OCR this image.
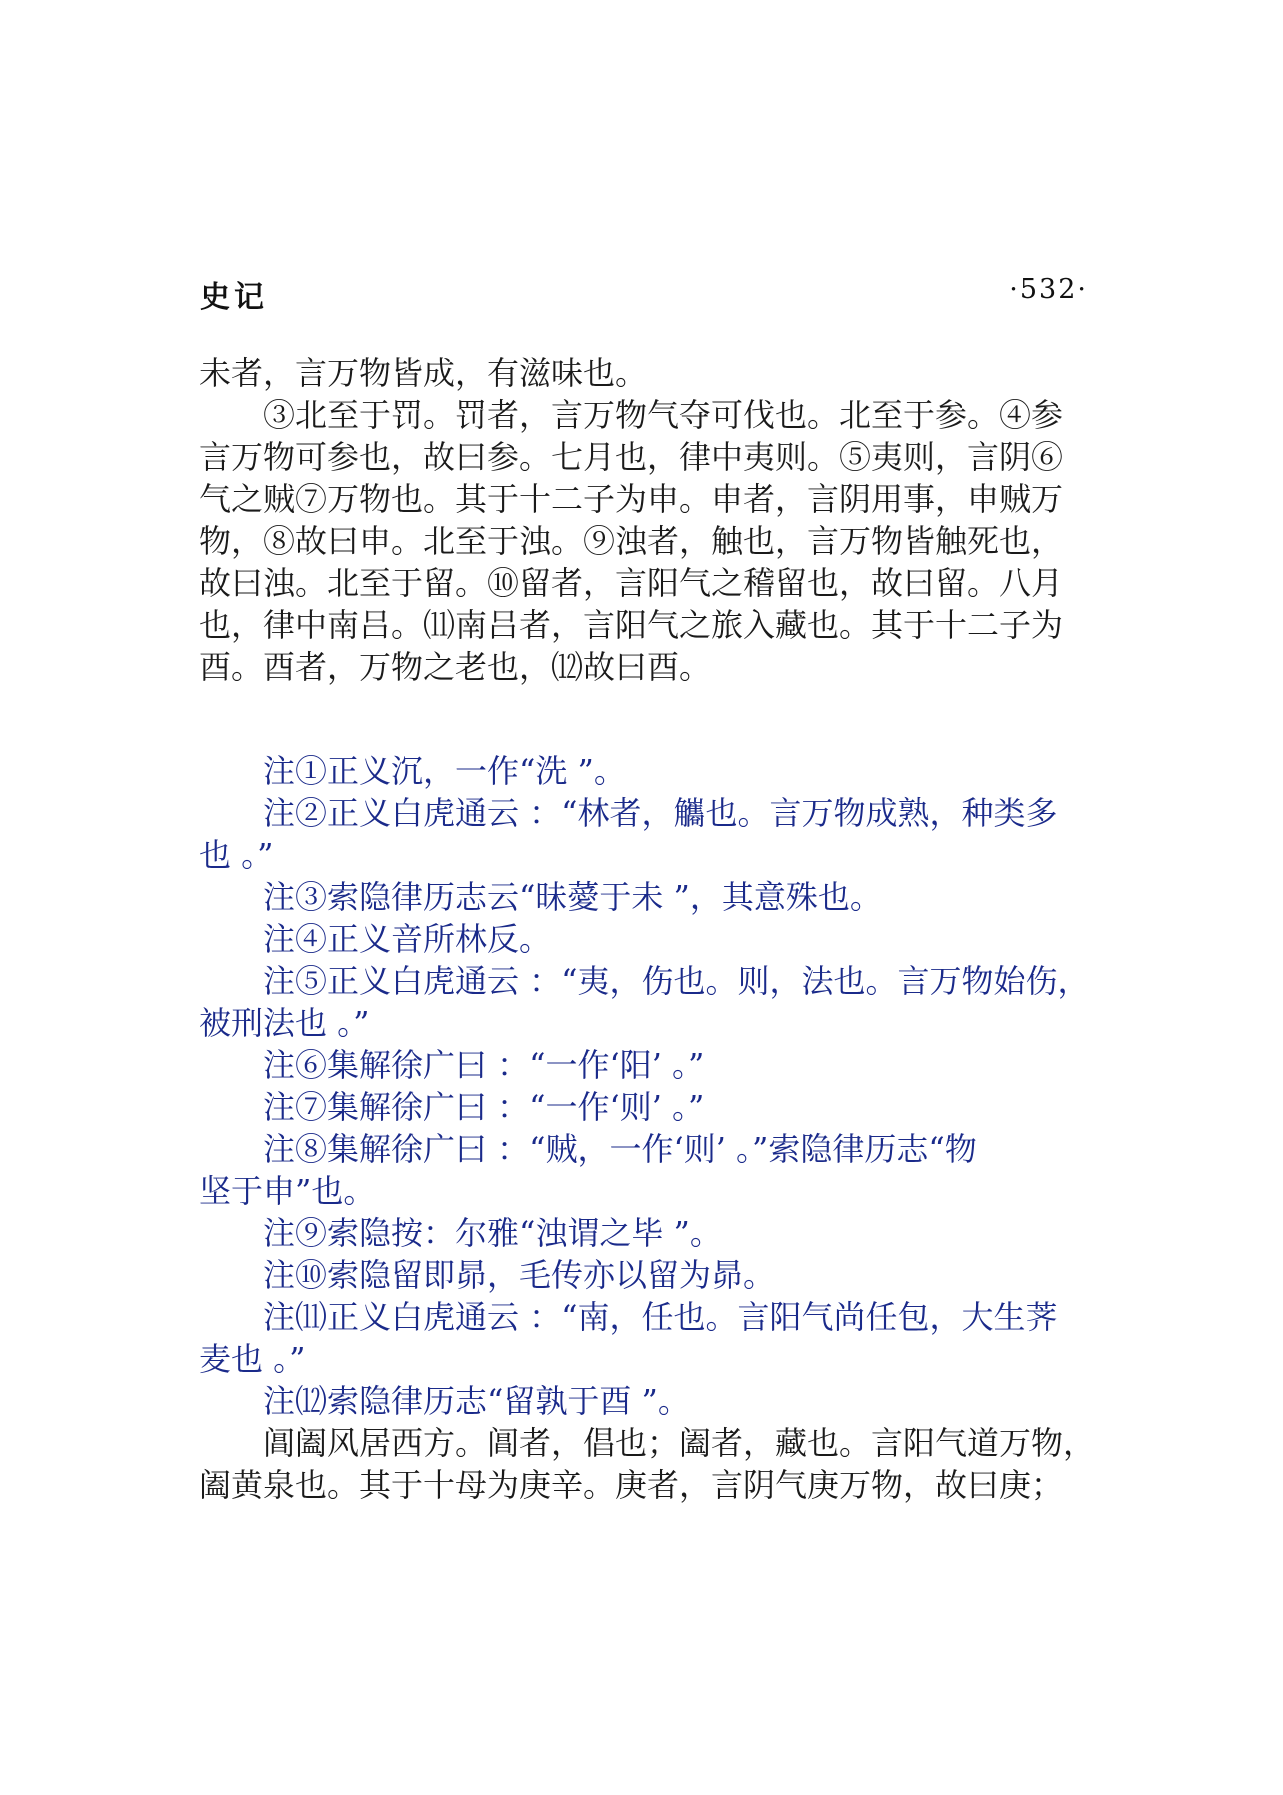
史记	·532·
未者，言万物皆成，有滋味也。
③北至于罚。罚者，言万物气夺可伐也。北至于参。④参
言万物可参也，故曰参。七月也，律中夷则。⑤夷则，言阴⑥
气之贼⑦万物也。其于十二子为申。申者，言阴用事，申贼万
物，⑧故曰申。北至于浊。⑨浊者，触也，言万物皆触死也，
故曰浊。北至于留。⑩留者，言阳气之稽留也，故曰留。八月
也，律中南吕。⑾南吕者，言阳气之旅入藏也。其于十二子为
酉。酉者，万物之老也，⑿故曰酉。
注①正义沉，一作“洗 ”。
注②正义白虎通云 ：“林者，觿也。言万物成熟，种类多
也 。”
注③索隐律历志云“昧薆于未 ”，其意殊也。
注④正义音所林反。
注⑤正义白虎通云 ：“夷，伤也。则，法也。言万物始伤，
被刑法也 。”
注⑥集解徐广曰 ：“一作‘阳’ 。”
注⑦集解徐广曰 ：“一作‘则’ 。”
注⑧集解徐广曰 ：“贼，一作‘则’ 。”索隐律历志“物
坚于申”也。
注⑨索隐按：尔雅“浊谓之毕 ”。
注⑩索隐留即昴，毛传亦以留为昴。
注⑾正义白虎通云 ：“南，任也。言阳气尚任包，大生荠
麦也 。”
注⑿索隐律历志“留孰于酉 ”。
阊阖风居西方。阊者，倡也；阖者，藏也。言阳气道万物，
阖黄泉也。其于十母为庚辛。庚者，言阴气庚万物，故曰庚；
